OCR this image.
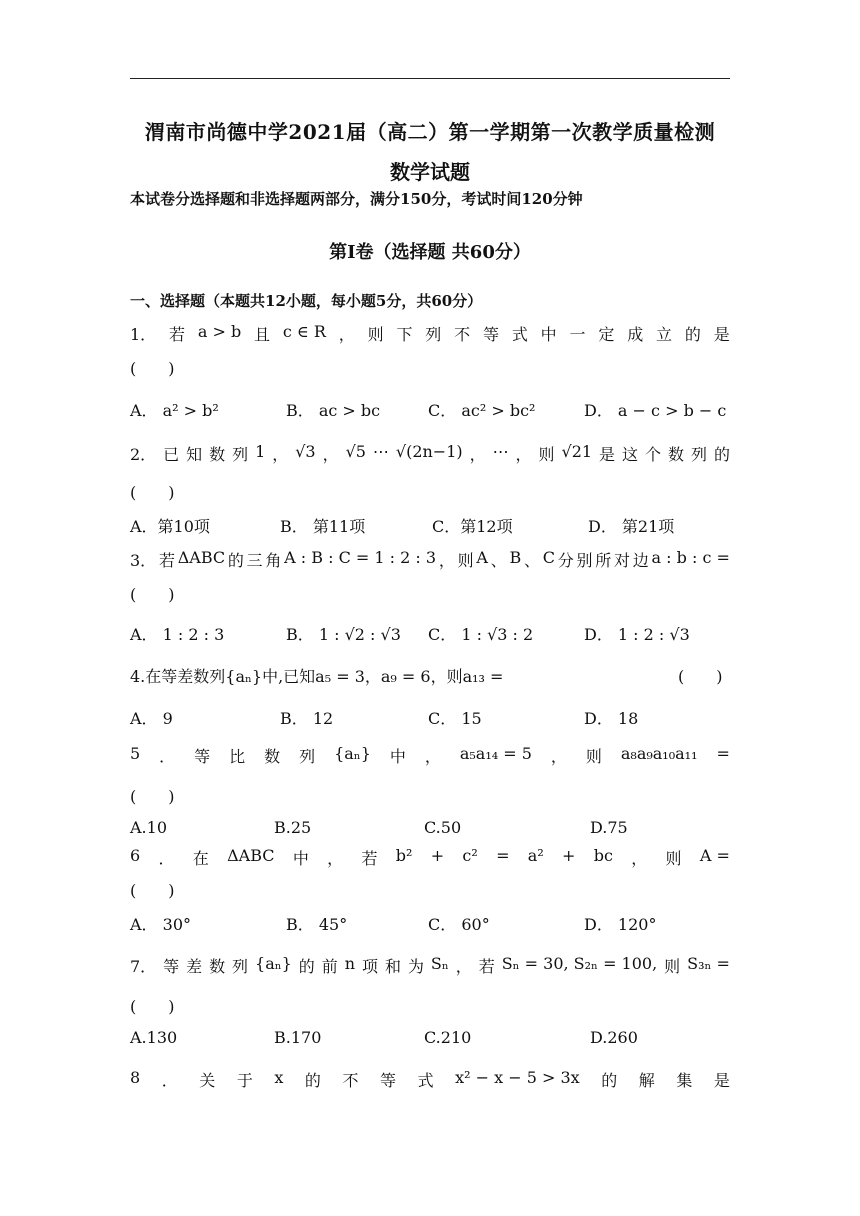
渭南市尚德中学2021届（高二）第一学期第一次教学质量检测
数学试题
本试卷分选择题和非选择题两部分，满分150分，考试时间120分钟
第Ⅰ卷（选择题 共60分）
一、选择题（本题共12小题，每小题5分，共60分）
1． 若 a > b 且 c ∈ R ， 则 下 列 不 等 式 中 一 定 成 立 的 是
(　　)
A． a² > b²	B． ac > bc	C． ac² > bc²	D． a − c > b − c
2． 已 知 数 列 1 ， √3 ， √5 ⋯ √(2n−1) ， ⋯ ， 则 √21 是 这 个 数 列 的
(　　)
A．第10项	B． 第11项	C．第12项	D． 第21项
3． 若 ΔABC 的 三 角 A : B : C = 1 : 2 : 3 ， 则 A 、 B 、 C 分 别 所 对 边 a : b : c =
(　　)
A． 1 : 2 : 3	B． 1 : √2 : √3 C． 1 : √3 : 2	D． 1 : 2 : √3
4.在等差数列{aₙ}中,已知a₅ = 3，a₉ = 6，则a₁₃ =	(　　)
A． 9	B． 12	C． 15	D． 18
5 ． 等 比 数 列 {aₙ} 中 ， a₅a₁₄ = 5 ， 则 a₈a₉a₁₀a₁₁ =
(　　)
A.10	B.25	C.50	D.75
6 ． 在 ΔABC 中 ， 若 b² + c² = a² + bc ， 则 A =
(　　)
A． 30°	B． 45°	C． 60°	D． 120°
7． 等 差 数 列 {aₙ} 的 前 n 项 和 为 Sₙ ， 若 Sₙ = 30, S₂ₙ = 100, 则 S₃ₙ =
(　　)
A.130	B.170	C.210	D.260
8 ． 关 于 x 的 不 等 式 x² − x − 5 > 3x 的 解 集 是
